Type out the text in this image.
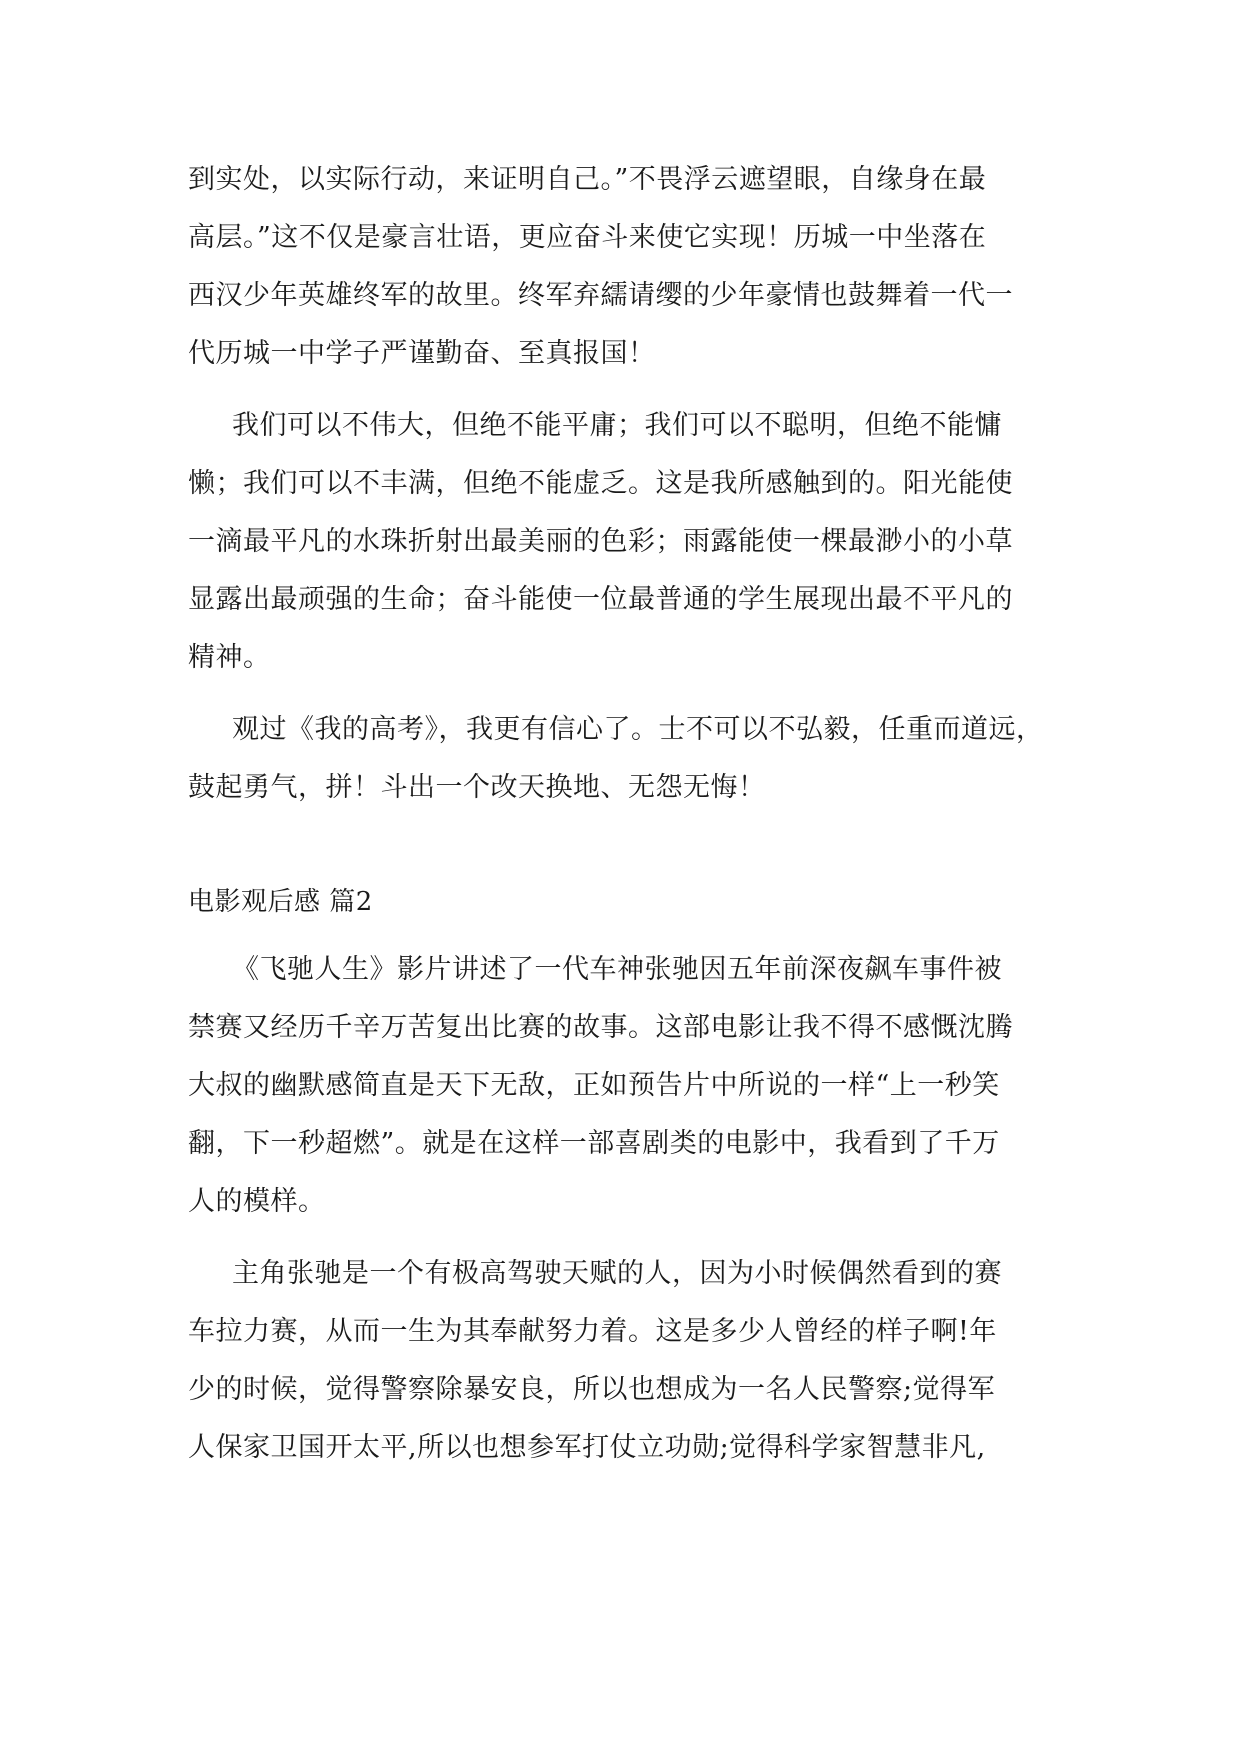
到实处，以实际行动，来证明自己。”不畏浮云遮望眼，自缘身在最
高层。”这不仅是豪言壮语，更应奋斗来使它实现！历城一中坐落在
西汉少年英雄终军的故里。终军弃繻请缨的少年豪情也鼓舞着一代一
代历城一中学子严谨勤奋、至真报国！
我们可以不伟大，但绝不能平庸；我们可以不聪明，但绝不能慵
懒；我们可以不丰满，但绝不能虚乏。这是我所感触到的。阳光能使
一滴最平凡的水珠折射出最美丽的色彩；雨露能使一棵最渺小的小草
显露出最顽强的生命；奋斗能使一位最普通的学生展现出最不平凡的
精神。
观过《我的高考》，我更有信心了。士不可以不弘毅，任重而道远，
鼓起勇气，拼！斗出一个改天换地、无怨无悔！
电影观后感 篇2
《飞驰人生》影片讲述了一代车神张驰因五年前深夜飙车事件被
禁赛又经历千辛万苦复出比赛的故事。这部电影让我不得不感慨沈腾
大叔的幽默感简直是天下无敌，正如预告片中所说的一样“上一秒笑
翻，下一秒超燃”。就是在这样一部喜剧类的电影中，我看到了千万
人的模样。
主角张驰是一个有极高驾驶天赋的人，因为小时候偶然看到的赛
车拉力赛，从而一生为其奉献努力着。这是多少人曾经的样子啊!年
少的时候，觉得警察除暴安良，所以也想成为一名人民警察;觉得军
人保家卫国开太平,所以也想参军打仗立功勋;觉得科学家智慧非凡,
